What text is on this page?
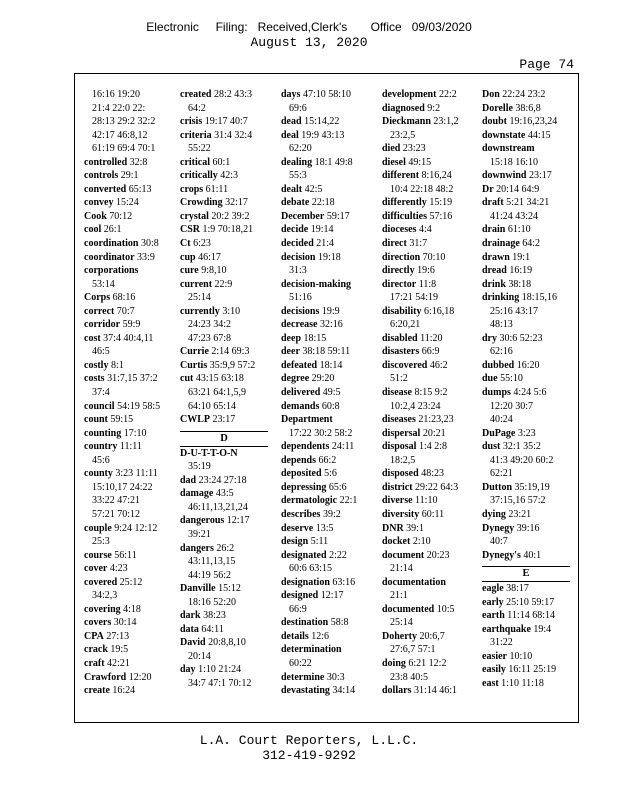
Electronic     Filing:   Received,Clerk's       Office   09/03/2020
August 13, 2020
Page 74
16:16 19:20
21:4 22:0 22:
28:13 29:2 32:2
42:17 46:8,12
61:19 69:4 70:1
controlled 32:8
controls 29:1
converted 65:13
convey 15:24
Cook 70:12
cool 26:1
coordination 30:8
coordinator 33:9
corporations
53:14
Corps 68:16
correct 70:7
corridor 59:9
cost 37:4 40:4,11
46:5
costly 8:1
costs 31:7,15 37:2
37:4
council 54:19 58:5
count 59:15
counting 17:10
country 11:11
45:6
county 3:23 11:11
15:10,17 24:22
33:22 47:21
57:21 70:12
couple 9:24 12:12
25:3
course 56:11
cover 4:23
covered 25:12
34:2,3
covering 4:18
covers 30:14
CPA 27:13
crack 19:5
craft 42:21
Crawford 12:20
create 16:24
created 28:2 43:3
64:2
crisis 19:17 40:7
criteria 31:4 32:4
55:22
critical 60:1
critically 42:3
crops 61:11
Crowding 32:17
crystal 20:2 39:2
CSR 1:9 70:18,21
Ct 6:23
cup 46:17
cure 9:8,10
current 22:9
25:14
currently 3:10
24:23 34:2
47:23 67:8
Currie 2:14 69:3
Curtis 35:9,9 57:2
cut 43:15 63:18
63:21 64:1,5,9
64:10 65:14
CWLP 23:17
D
D-U-T-T-O-N
35:19
dad 23:24 27:18
damage 43:5
46:11,13,21,24
dangerous 12:17
39:21
dangers 26:2
43:11,13,15
44:19 56:2
Danville 15:12
18:16 52:20
dark 38:23
data 64:11
David 20:8,8,10
20:14
day 1:10 21:24
34:7 47:1 70:12
days 47:10 58:10
69:6
dead 15:14,22
deal 19:9 43:13
62:20
dealing 18:1 49:8
55:3
dealt 42:5
debate 22:18
December 59:17
decide 19:14
decided 21:4
decision 19:18
31:3
decision-making
51:16
decisions 19:9
decrease 32:16
deep 18:15
deer 38:18 59:11
defeated 18:14
degree 29:20
delivered 49:5
demands 60:8
Department
17:22 30:2 58:2
dependents 24:11
depends 66:2
deposited 5:6
depressing 65:6
dermatologic 22:1
describes 39:2
deserve 13:5
design 5:11
designated 2:22
60:6 63:15
designation 63:16
designed 12:17
66:9
destination 58:8
details 12:6
determination
60:22
determine 30:3
devastating 34:14
development 22:2
diagnosed 9:2
Dieckmann 23:1,2
23:2,5
died 23:23
diesel 49:15
different 8:16,24
10:4 22:18 48:2
differently 15:19
difficulties 57:16
dioceses 4:4
direct 31:7
direction 70:10
directly 19:6
director 11:8
17:21 54:19
disability 6:16,18
6:20,21
disabled 11:20
disasters 66:9
discovered 46:2
51:2
disease 8:15 9:2
10:2,4 23:24
diseases 21:23,23
dispersal 20:21
disposal 1:4 2:8
18:2,5
disposed 48:23
district 29:22 64:3
diverse 11:10
diversity 60:11
DNR 39:1
docket 2:10
document 20:23
21:14
documentation
21:1
documented 10:5
25:14
Doherty 20:6,7
27:6,7 57:1
doing 6:21 12:2
23:8 40:5
dollars 31:14 46:1
Don 22:24 23:2
Dorelle 38:6,8
doubt 19:16,23,24
downstate 44:15
downstream
15:18 16:10
downwind 23:17
Dr 20:14 64:9
draft 5:21 34:21
41:24 43:24
drain 61:10
drainage 64:2
drawn 19:1
dread 16:19
drink 38:18
drinking 18:15,16
25:16 43:17
48:13
dry 30:6 52:23
62:16
dubbed 16:20
due 55:10
dumps 4:24 5:6
12:20 30:7
40:24
DuPage 3:23
dust 32:1 35:2
41:3 49:20 60:2
62:21
Dutton 35:19,19
37:15,16 57:2
dying 23:21
Dynegy 39:16
40:7
Dynegy's 40:1
E
eagle 38:17
early 25:10 59:17
earth 11:14 68:14
earthquake 19:4
31:22
easier 10:10
easily 16:11 25:19
east 1:10 11:18
L.A. Court Reporters, L.L.C.
312-419-9292
